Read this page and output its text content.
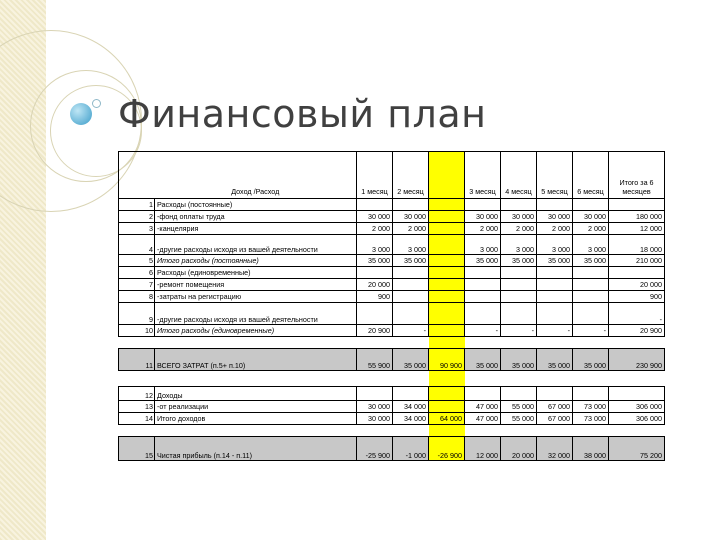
Финансовый план
	Доход /Расход	1 месяц	2 месяц		3 месяц	4 месяц	5 месяц	6 месяц	Итого за 6 месяцев
1	Расходы (постоянные)								
2	-фонд оплаты труда	30 000	30 000		30 000	30 000	30 000	30 000	180 000
3	-канцелярия	2 000	2 000		2 000	2 000	2 000	2 000	12 000
4	-другие расходы исходя из вашей деятельности	3 000	3 000		3 000	3 000	3 000	3 000	18 000
5	Итого расходы (постоянные)	35 000	35 000		35 000	35 000	35 000	35 000	210 000
6	Расходы (единовременные)								
7	-ремонт помещения	20 000							20 000
8	-затраты на регистрацию	900							900
9	-другие расходы исходя из вашей деятельности								-
10	Итого расходы (единовременные)	20 900	-		-	-	-	-	20 900

11	ВСЕГО ЗАТРАТ (п.5+ п.10)	55 900	35 000	90 900	35 000	35 000	35 000	35 000	230 900

12	Доходы								
13	-от реализации	30 000	34 000		47 000	55 000	67 000	73 000	306 000
14	Итого доходов	30 000	34 000	64 000	47 000	55 000	67 000	73 000	306 000

15	Чистая прибыль (п.14 - п.11)	-25 900	-1 000	-26 900	12 000	20 000	32 000	38 000	75 200
